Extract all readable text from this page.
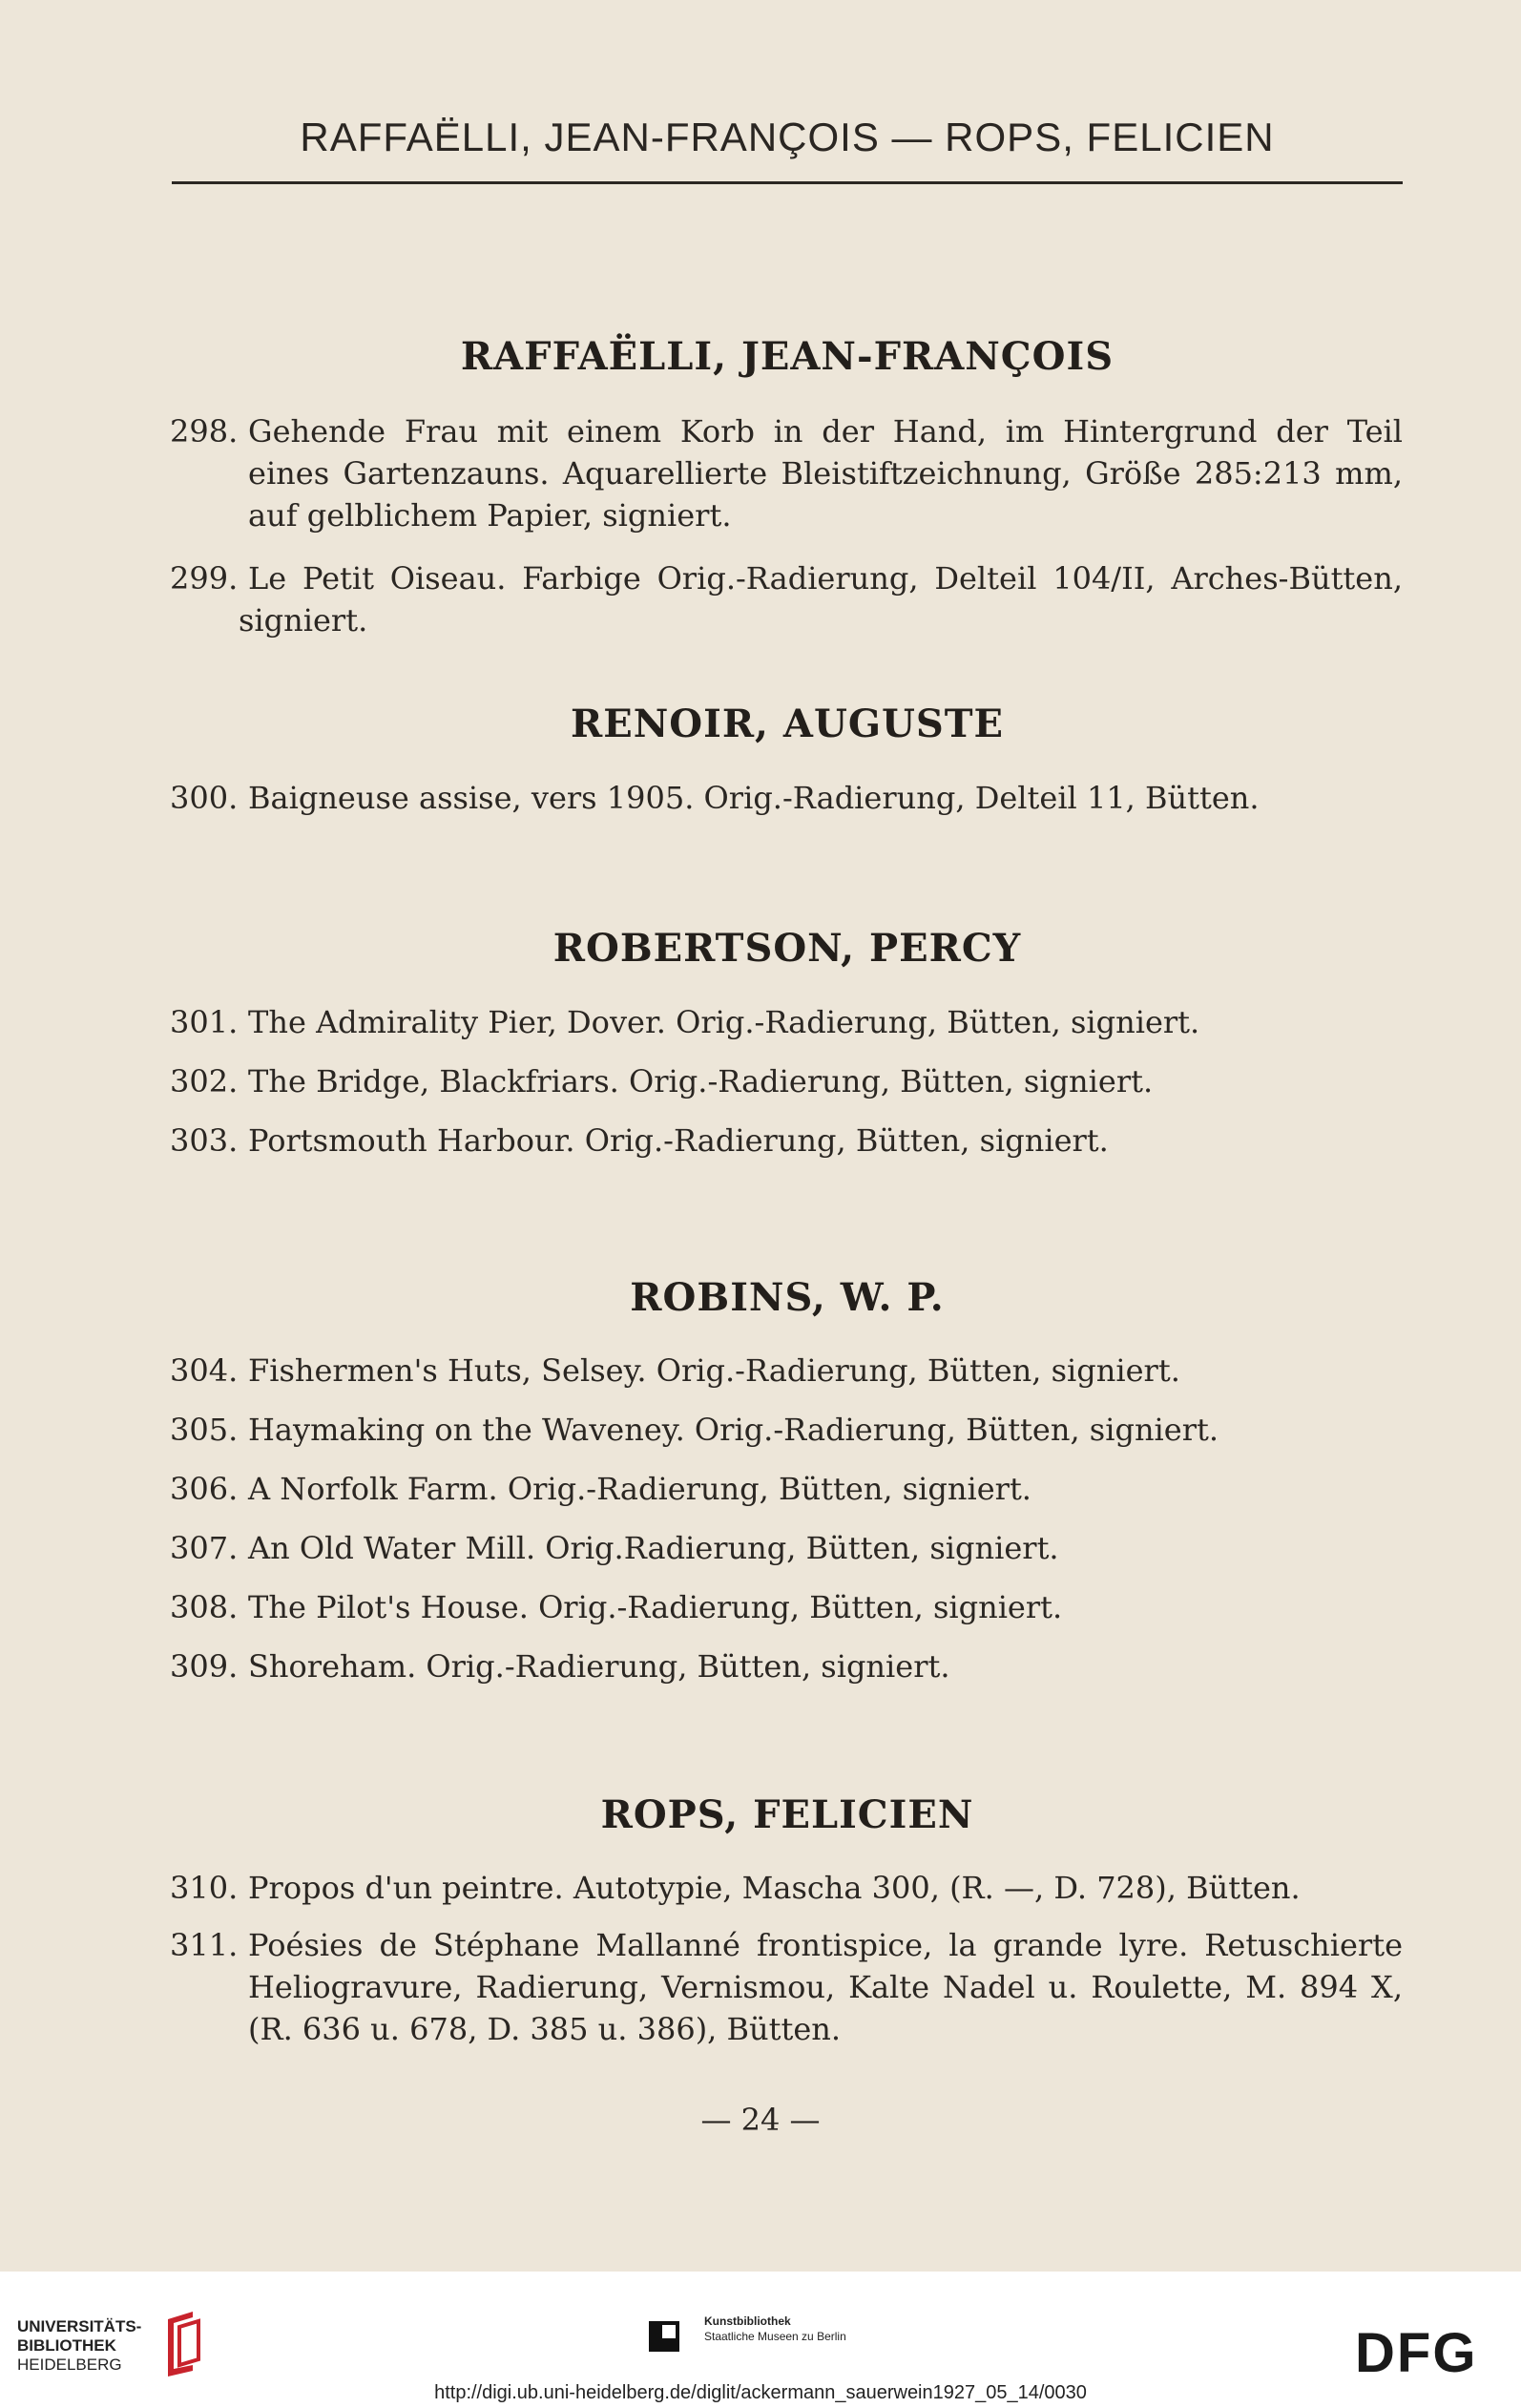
RAFFAËLLI, JEAN-FRANÇOIS — ROPS, FELICIEN
RAFFAËLLI, JEAN-FRANÇOIS
298. Gehende Frau mit einem Korb in der Hand, im Hintergrund der Teil
eines Gartenzauns. Aquarellierte Bleistiftzeichnung, Größe 285:213 mm,
auf gelblichem Papier, signiert.
299. Le Petit Oiseau. Farbige Orig.-Radierung, Delteil 104/II, Arches-Bütten,
signiert.
RENOIR, AUGUSTE
300. Baigneuse assise, vers 1905. Orig.-Radierung, Delteil 11, Bütten.
ROBERTSON, PERCY
301. The Admirality Pier, Dover. Orig.-Radierung, Bütten, signiert.
302. The Bridge, Blackfriars. Orig.-Radierung, Bütten, signiert.
303. Portsmouth Harbour. Orig.-Radierung, Bütten, signiert.
ROBINS, W. P.
304. Fishermen's Huts, Selsey. Orig.-Radierung, Bütten, signiert.
305. Haymaking on the Waveney. Orig.-Radierung, Bütten, signiert.
306. A Norfolk Farm. Orig.-Radierung, Bütten, signiert.
307. An Old Water Mill. Orig.Radierung, Bütten, signiert.
308. The Pilot's House. Orig.-Radierung, Bütten, signiert.
309. Shoreham. Orig.-Radierung, Bütten, signiert.
ROPS, FELICIEN
310. Propos d'un peintre. Autotypie, Mascha 300, (R. —, D. 728), Bütten.
311. Poésies de Stéphane Mallanné frontispice, la grande lyre. Retuschierte
Heliogravure, Radierung, Vernismou, Kalte Nadel u. Roulette, M. 894 X,
(R. 636 u. 678, D. 385 u. 386), Bütten.
— 24 —
UNIVERSITÄTS-
BIBLIOTHEK
HEIDELBERG
Kunstbibliothek
Staatliche Museen zu Berlin	DFG
http://digi.ub.uni-heidelberg.de/diglit/ackermann_sauerwein1927_05_14/0030
